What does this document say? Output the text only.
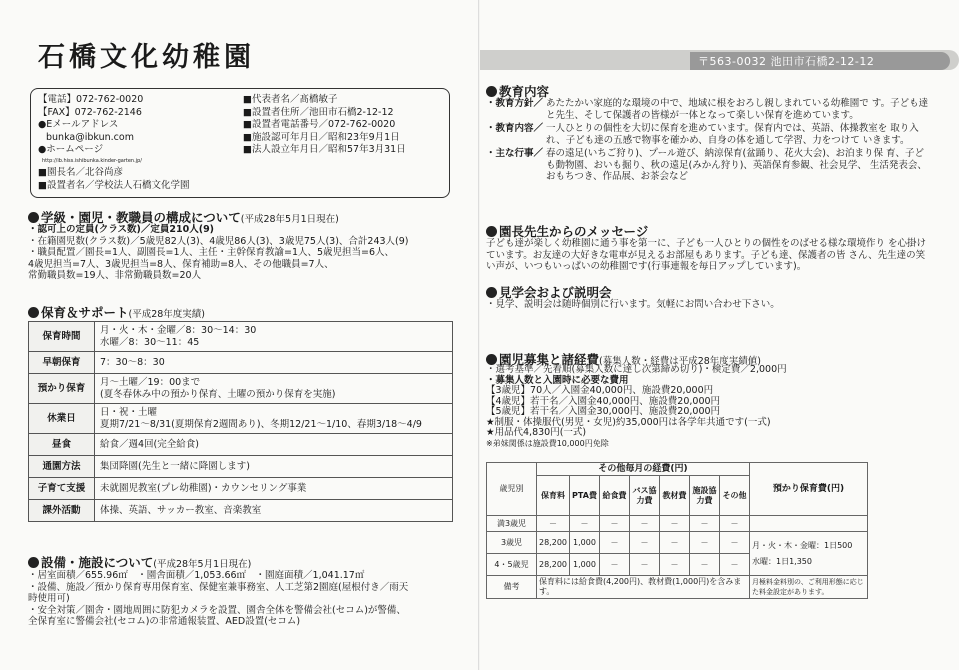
石橋文化幼稚園
【電話】072-762-0020
【FAX】072-762-2146
●Eメールアドレス
bunka@ibkun.com
●ホームページ
http://ib.hiss.ishibunka.kinder-garten.jp/
■代表者名／髙橋敏子
■設置者住所／池田市石橋2-12-12
■設置者電話番号／072-762-0020
■施設認可年月日／昭和23年9月1日
■法人設立年月日／昭和57年3月31日
■園長名／北谷尚彦
■設置者名／学校法人石橋文化学園
学級・園児・教職員の構成について(平成28年5月1日現在)
・認可上の定員(クラス数)／定員210人(9)
・在籍園児数(クラス数)／5歳児82人(3)、4歳児86人(3)、3歳児75人(3)、合計243人(9)
・職員配置／園長=1人、副園長=1人、主任・主幹保育教諭=1人、5歳児担当=6人、
4歳児担当=7人、3歳児担当=8人、保育補助=8人、その他職員=7人、
常勤職員数=19人、非常勤職員数=20人
保育＆サポート(平成28年度実績)
保育時間	月・火・木・金曜／8：30～14：30
水曜／8：30～11：45

早朝保育	7：30～8：30

預かり保育	月～土曜／19：00まで
(夏冬春休み中の預かり保育、土曜の預かり保育を実施)

休業日	日・祝・土曜
夏期7/21～8/31(夏期保育2週間あり)、冬期12/21～1/10、春期3/18～4/9

昼食	給食／週4回(完全給食)

通園方法	集団降園(先生と一緒に降園します)

子育て支援	未就園児教室(プレ幼稚園)・カウンセリング事業

課外活動	体操、英語、サッカー教室、音楽教室
設備・施設について(平成28年5月1日現在)
・居室面積／655.96㎡　・園舎面積／1,053.66㎡　・園庭面積／1,041.17㎡
・設備、施設／預かり保育専用保育室、保健室兼事務室、人工芝第2園庭(屋根付き／雨天
時使用可)
・安全対策／園舎・園地周囲に防犯カメラを設置、園舎全体を警備会社(セコム)が警備、
全保育室に警備会社(セコム)の非常通報装置、AED設置(セコム)
〒563-0032 池田市石橋2-12-12
教育内容
・教育方針／ あたたかい家庭的な環境の中で、地域に根をおろし親しまれている幼稚園で す。子ども達と先生、そして保護者の皆様が一体となって楽しい保育を進めています。
・教育内容／ 一人ひとりの個性を大切に保育を進めています。保育内では、英語、体操教室を 取り入れ、子ども達の五感で物事を確かめ、自身の体を通して学習、力をつけて いきます。
・主な行事／ 春の遠足(いちご狩り)、プール遊び、納涼保育(盆踊り、花火大会)、お泊まり保 育、子ども動物園、おいも掘り、秋の遠足(みかん狩り)、英語保育参観、社会見学、 生活発表会、おもちつき、作品展、お茶会など
園長先生からのメッセージ
子ども達が楽しく幼稚園に通う事を第一に、子ども一人ひとりの個性をのばせる様な環境作り を心掛けています。お友達の大好きな電車が見えるお部屋もあります。子ども達、保護者の皆 さん、先生達の笑い声が、いつもいっぱいの幼稚園です(行事連報を毎日アップしています)。
見学会および説明会
・見学、説明会は随時個別に行います。気軽にお問い合わせ下さい。
園児募集と諸経費(募集人数・経費は平成28年度実績値)
・選考基準／先着順(募集人数に達し次第締め切り)・検定費／2,000円
・募集人数と入園時に必要な費用
【3歳児】70人／入園金40,000円、施設費20,000円
【4歳児】若干名／入園金40,000円、施設費20,000円
【5歳児】若干名／入園金30,000円、施設費20,000円
★制服・体操服代(男児・女児)約35,000円は各学年共通です(一式)
★用品代4,830円(一式)
※弟妹関係は施設費10,000円免除
歳児別	その他毎月の経費(円)							預かり保育費(円)
	保育料	PTA費	給食費	バス協力費	教材費	施設協力費	その他	
満3歳児	－	－	－	－	－	－	－	
3歳児	28,200	1,000	－	－	－	－	－	月・火・木・金曜：1日500
水曜：1日1,350

4・5歳児	28,200	1,000	－	－	－	－	－	
備考	保育料には給食費(4,200円)、教材費(1,000円)を含みます。							月極料金料別の、ご利用形態に応じた料金設定があります。
